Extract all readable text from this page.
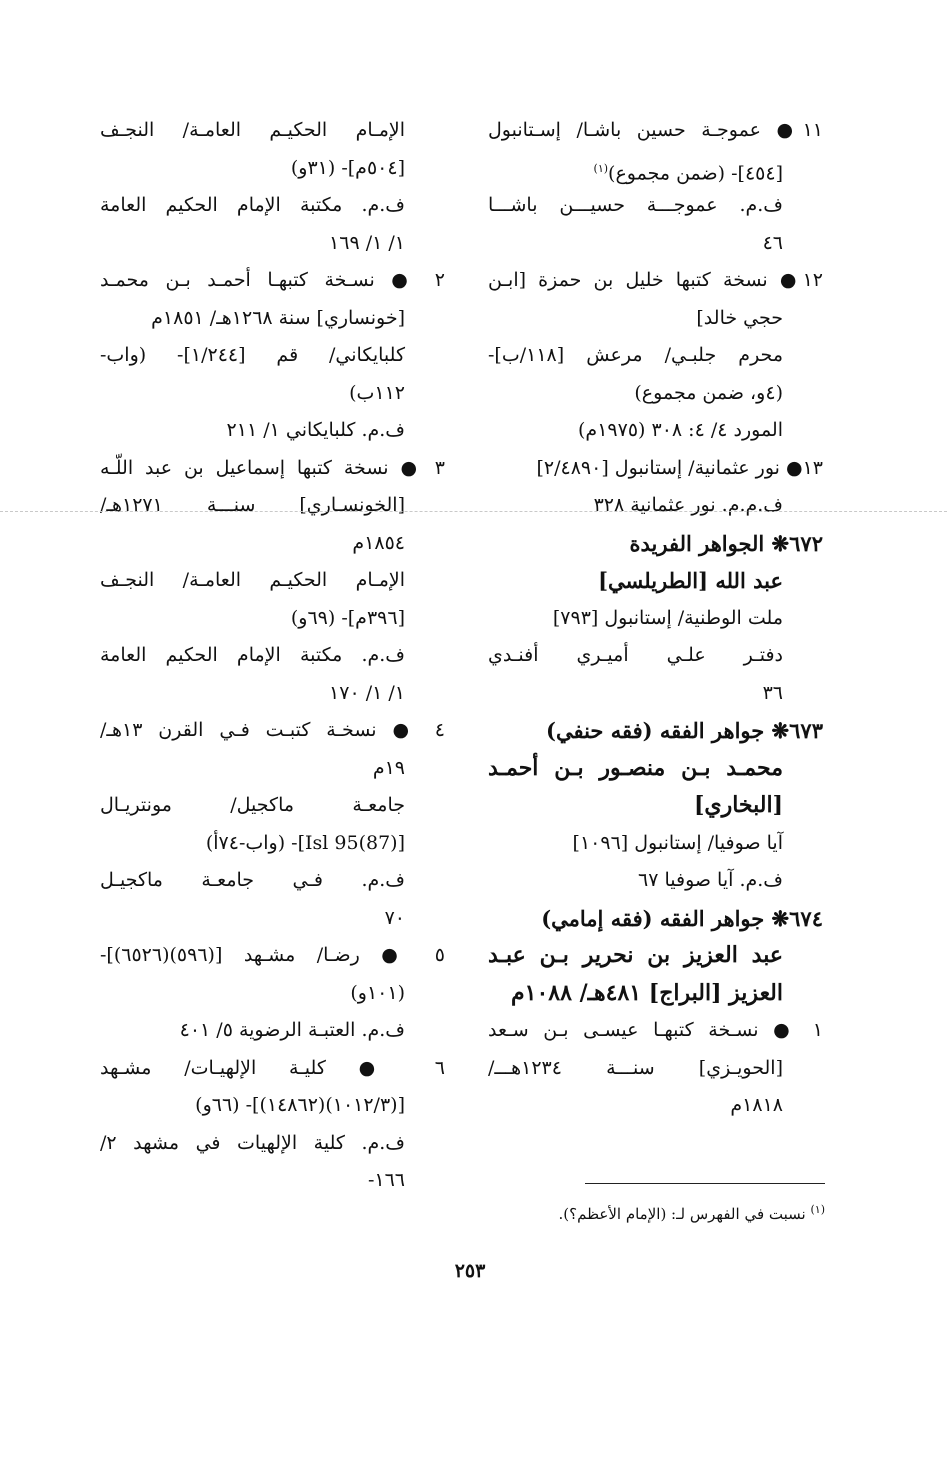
١١● عموجـة حسين باشـا/ إسـتانبول
[٤٥٤]- (ضمن مجموع)$^{(١)}$
ف.م. عموجـــة حسيـــن باشـــا
٤٦
١٢● نسخة كتبها خليل بن حمزة [ابـن
حجي خالد]
محرم جلبـي/ مرعش [١١٨/ب]-
(٤و، ضمن مجموع)
المورد ٤/ ٤: ٣٠٨ (١٩٧٥م)
١٣● نور عثمانية/ إستانبول [٢/٤٨٩٠]
ف.م.م. نور عثمانية ٣٢٨
٦٧٢❋ الجواهر الفريدة
عبد الله [الطريلسي]
ملت الوطنية/ إستانبول [٧٩٣]
دفتـر علـي أميـري أفنـدي
٣٦
٦٧٣❋ جواهر الفقه (فقه حنفي)
محمـد بـن منصـور بـن أحمـد
[البخاري]
آيا صوفيا/ إستانبول [١٠٩٦]
ف.م. آيا صوفيا ٦٧
٦٧٤❋ جواهر الفقه (فقه إمامي)
عبد العزيز بن نحرير بـن عبـد
العزيز [البراج] ٤٨١هـ/ ١٠٨٨م
١ ● نسـخة كتبهـا عيسـى بـن سـعد
[الحويـزي] سنـــة ١٢٣٤هـــ/
١٨١٨م
الإمـام الحكيـم العامـة/ النجـف
[٥٠٤م]- (٣١و)
ف.م. مكتبة الإمام الحكيم العامة
١/ ١/ ١٦٩
٢ ● نسـخة كتبهـا أحمـد بـن محمـد
[خونساري] سنة ١٢٦٨هـ/ ١٨٥١م
كلبايكاني/ قم [١/٢٤٤]- (واب-
١١٢ب)
ف.م. كلبايكاني ١/ ٢١١
٣ ● نسخة كتبها إسماعيل بن عبد اللّـه
[الخونسـاري] سنـــة ١٢٧١هـ/
١٨٥٤م
الإمـام الحكيـم العامـة/ النجـف
[٣٩٦م]- (٦٩و)
ف.م. مكتبة الإمام الحكيم العامة
١/ ١/ ١٧٠
٤ ● نسخـة كتبـت فـي القرن ١٣هـ/
١٩م
جامعـة ماكجيل/ مونتريـال
[Isl 95(87)]- (واب-٧٤أ)
ف.م. فـي جامعـة ماكجيـل
٧٠
٥ ● رضـا/ مشـهد [(٥٩٦)(٦٥٢٦)]-
(١٠١و)
ف.م. العتبـة الرضوية ٥/ ٤٠١
٦ ● كليـة الإلهيـات/ مشـهد
[(١٠١٢/٣)(١٤٨٦٢)]- (٦٦و)
ف.م. كلية الإلهيات في مشهد ٢/
١٦٦-
$^{(١)}$ نسبت في الفهرس لـ: (الإمام الأعظم؟).
٢٥٣
